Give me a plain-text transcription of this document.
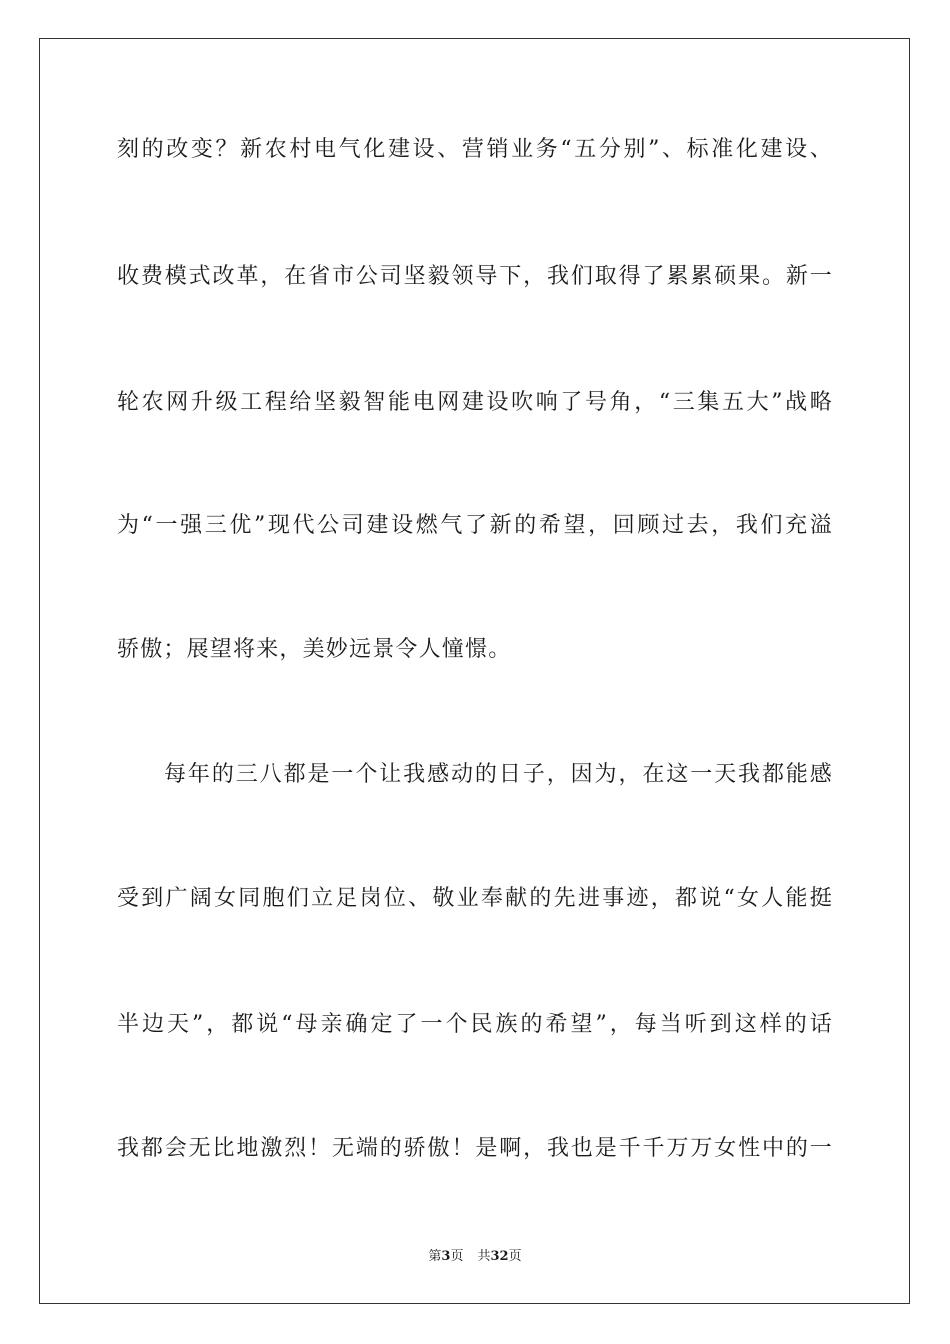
刻的改变？新农村电气化建设、营销业务“五分别”、标准化建设、
收费模式改革，在省市公司坚毅领导下，我们取得了累累硕果。新一
轮农网升级工程给坚毅智能电网建设吹响了号角，“三集五大”战略
为“一强三优”现代公司建设燃气了新的希望，回顾过去，我们充溢
骄傲；展望将来，美妙远景令人憧憬。
每年的三八都是一个让我感动的日子，因为，在这一天我都能感
受到广阔女同胞们立足岗位、敬业奉献的先进事迹，都说“女人能挺
半边天”，都说“母亲确定了一个民族的希望”，每当听到这样的话
我都会无比地激烈！无端的骄傲！是啊，我也是千千万万女性中的一
第3页 共32页
